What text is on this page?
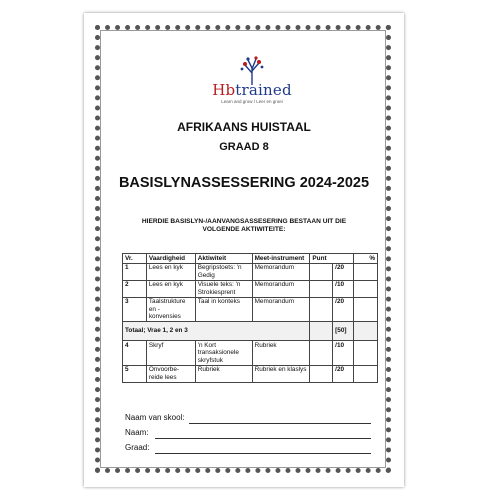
Hbtrained
Learn and grow / Leer en groei
AFRIKAANS HUISTAAL
GRAAD 8
BASISLYNASSESSERING 2024-2025
HIERDIE BASISLYN-/AANVANGSASSESERING BESTAAN UIT DIE VOLGENDE AKTIWITEITE:
Vr.	Vaardigheid	Aktiwiteit	Meet-instrument	Punt		%
1	Lees en kyk	Begripstoets: 'n Gedig	Memorandum		/20	
2	Lees en kyk	Visuele teks: 'n Strokiesprent	Memorandum		/10	
3	Taalstrukture en - konvensies	Taal in konteks	Memorandum		/20	
Totaal; Vrae 1, 2 en 3					[50]	
4	Skryf	'n Kort transaksionele skryfstuk	Rubriek		/10	
5	Onvoorbe-reide lees	Rubriek	Rubriek en klaslys		/20	
Naam van skool:
Naam:
Graad:
